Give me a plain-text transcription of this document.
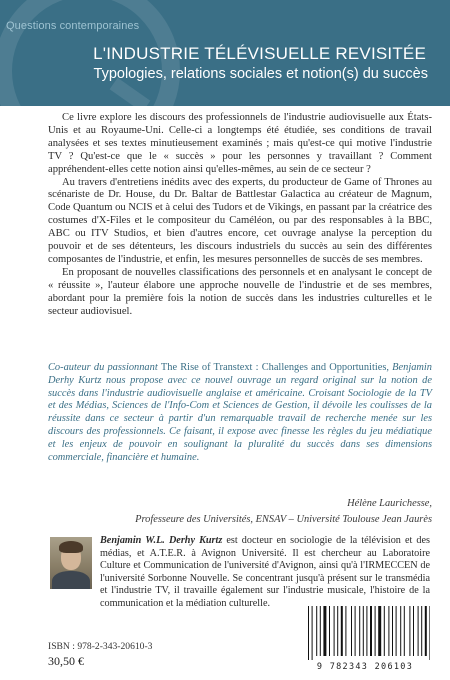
Questions contemporaines
L'INDUSTRIE TÉLÉVISUELLE REVISITÉE
Typologies, relations sociales et notion(s) du succès

Ce livre explore les discours des professionnels de l'industrie audiovisuelle aux États-Unis et au Royaume-Uni. Celle-ci a longtemps été étudiée, ses conditions de travail analysées et ses textes minutieusement examinés ; mais qu'est-ce qui motive l'industrie TV ? Qu'est-ce que le « succès » pour les personnes y travaillant ? Comment appréhendent-elles cette notion ainsi qu'elles-mêmes, au sein de ce secteur ?

Au travers d'entretiens inédits avec des experts, du producteur de Game of Thrones au scénariste de Dr. House, du Dr. Baltar de Battlestar Galactica au créateur de Magnum, Code Quantum ou NCIS et à celui des Tudors et de Vikings, en passant par la créatrice des costumes d'X-Files et le compositeur du Caméléon, ou par des responsables à la BBC, ABC ou ITV Studios, et bien d'autres encore, cet ouvrage analyse la perception du pouvoir et de ses détenteurs, les discours industriels du succès au sein des différentes composantes de l'industrie, et enfin, les mesures personnelles de succès de ses membres.

En proposant de nouvelles classifications des personnels et en analysant le concept de « réussite », l'auteur élabore une approche nouvelle de l'industrie et de ses membres, abordant pour la première fois la notion de succès dans les industries culturelles et le secteur audiovisuel.

Co-auteur du passionnant The Rise of Transtext : Challenges and Opportunities, Benjamin Derhy Kurtz nous propose avec ce nouvel ouvrage un regard original sur la notion de succès dans l'industrie audiovisuelle anglaise et américaine. Croisant Sociologie de la TV et des Médias, Sciences de l'Info-Com et Sciences de Gestion, il dévoile les coulisses de la réussite dans ce secteur à partir d'un remarquable travail de recherche menée sur les discours des professionnels. Ce faisant, il expose avec finesse les règles du jeu médiatique et les enjeux de pouvoir en soulignant la pluralité du succès dans ses dimensions commerciale, financière et humaine.
Hélène Laurichesse,
Professeure des Universités, ENSAV – Université Toulouse Jean Jaurès
Benjamin W.L. Derhy Kurtz est docteur en sociologie de la télévision et des médias, et A.T.E.R. à Avignon Université. Il est chercheur au Laboratoire Culture et Communication de l'université d'Avignon, ainsi qu'à l'IRMECCEN de l'université Sorbonne Nouvelle. Se concentrant jusqu'à présent sur le transmédia et l'industrie TV, il travaille également sur l'industrie musicale, l'histoire de la communication et la médiation culturelle.
ISBN : 978-2-343-20610-3
30,50 €	9 782343 206103
